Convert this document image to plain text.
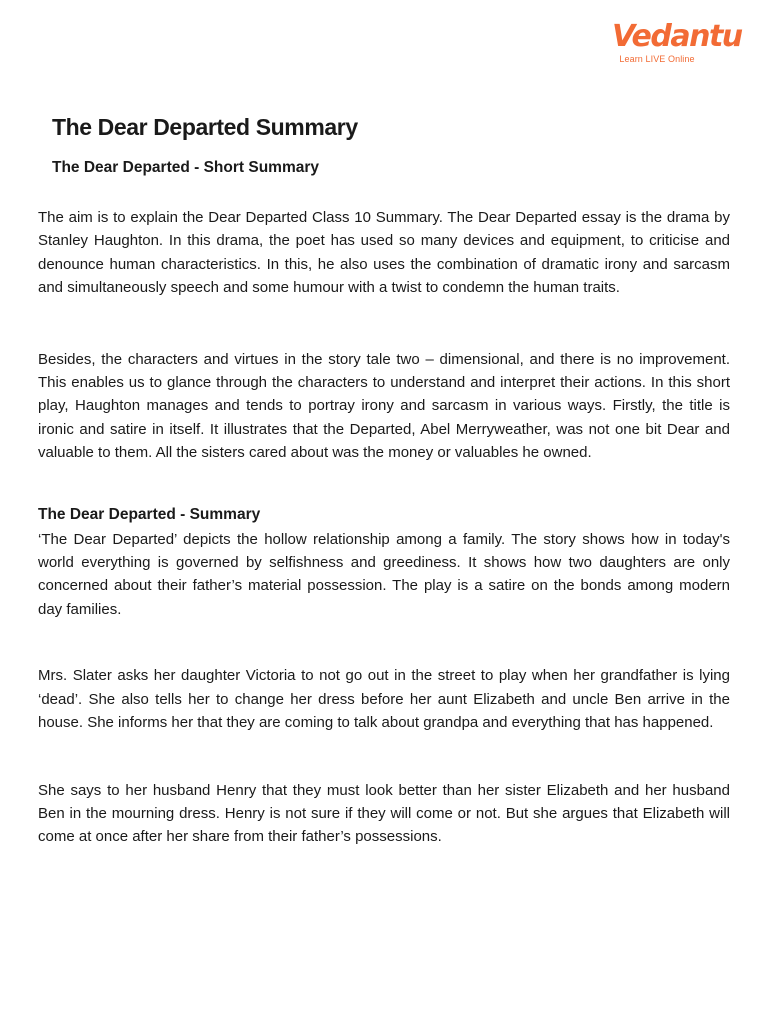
Vedantu
Learn LIVE Online
The Dear Departed Summary
The Dear Departed - Short Summary

The aim is to explain the Dear Departed Class 10 Summary. The Dear Departed essay is the drama by Stanley Haughton. In this drama, the poet has used so many devices and equipment, to criticise and denounce human characteristics. In this, he also uses the combination of dramatic irony and sarcasm and simultaneously speech and some humour with a twist to condemn the human traits.

Besides, the characters and virtues in the story tale two – dimensional, and there is no improvement. This enables us to glance through the characters to understand and interpret their actions. In this short play, Haughton manages and tends to portray irony and sarcasm in various ways. Firstly, the title is ironic and satire in itself. It illustrates that the Departed, Abel Merryweather, was not one bit Dear and valuable to them. All the sisters cared about was the money or valuables he owned.

The Dear Departed - Summary

‘The Dear Departed’ depicts the hollow relationship among a family. The story shows how in today's world everything is governed by selfishness and greediness. It shows how two daughters are only concerned about their father’s material possession. The play is a satire on the bonds among modern day families.

Mrs. Slater asks her daughter Victoria to not go out in the street to play when her grandfather is lying ‘dead’. She also tells her to change her dress before her aunt Elizabeth and uncle Ben arrive in the house. She informs her that they are coming to talk about grandpa and everything that has happened.

She says to her husband Henry that they must look better than her sister Elizabeth and her husband Ben in the mourning dress. Henry is not sure if they will come or not. But she argues that Elizabeth will come at once after her share from their father’s possessions.
